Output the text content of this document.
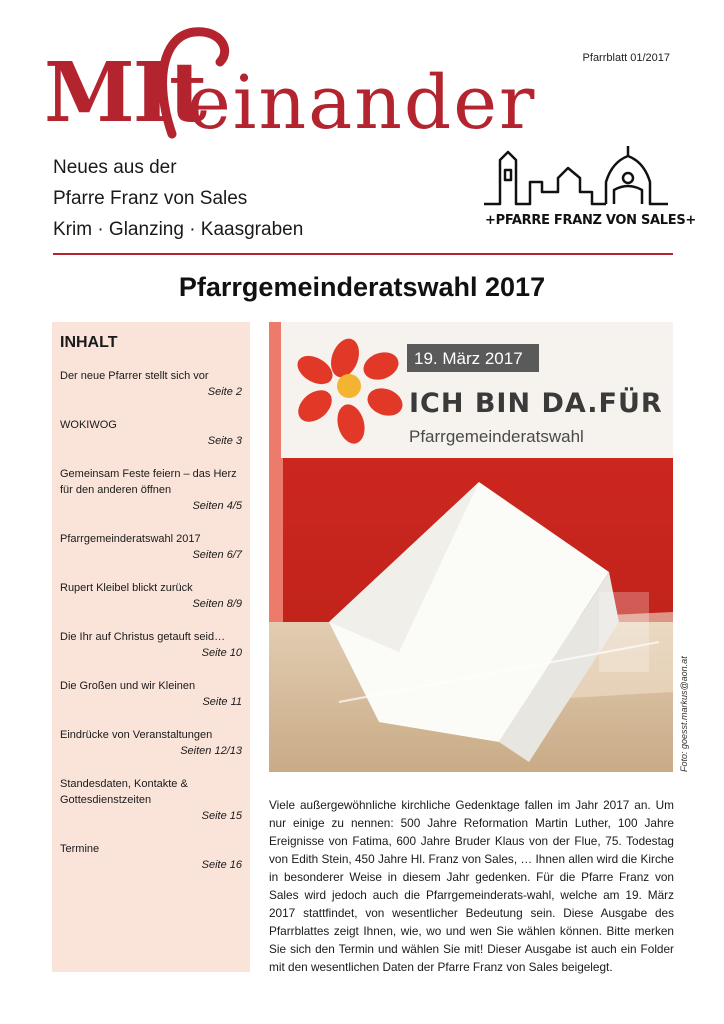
Pfarrblatt 01/2017
MIt
einander
Neues aus der
Pfarre Franz von Sales
Krim · Glanzing · Kaasgraben	+PFARRE FRANZ VON SALES+
Pfarrgemeinderatswahl 2017
INHALT
Der neue Pfarrer stellt sich vor
Seite 2
WOKIWOG
Seite 3
Gemeinsam Feste feiern – das Herz für den anderen öffnen
Seiten 4/5
Pfarrgemeinderatswahl 2017
Seiten 6/7
Rupert Kleibel blickt zurück
Seiten 8/9
Die Ihr auf Christus getauft seid…
Seite 10
Die Großen und wir Kleinen
Seite 11
Eindrücke von Veranstaltungen
Seiten 12/13
Standesdaten, Kontakte & Gottesdienstzeiten
Seite 15
Termine
Seite 16
19. März 2017
ICH BIN DA.FÜR
Pfarrgemeinderatswahl
Foto: goesst.markus@aon.at

Viele außergewöhnliche kirchliche Gedenktage fallen im Jahr 2017 an. Um nur einige zu nennen: 500 Jahre Reformation Martin Luther, 100 Jahre Ereignisse von Fatima, 600 Jahre Bruder Klaus von der Flue, 75. Todestag von Edith Stein, 450 Jahre Hl. Franz von Sales, … Ihnen allen wird die Kirche in besonderer Weise in diesem Jahr gedenken. Für die Pfarre Franz von Sales wird jedoch auch die Pfarrgemeinderats-wahl, welche am 19. März 2017 stattfindet, von wesentlicher Bedeutung sein. Diese Ausgabe des Pfarrblattes zeigt Ihnen, wie, wo und wen Sie wählen können. Bitte merken Sie sich den Termin und wählen Sie mit! Dieser Ausgabe ist auch ein Folder mit den wesentlichen Daten der Pfarre Franz von Sales beigelegt.
